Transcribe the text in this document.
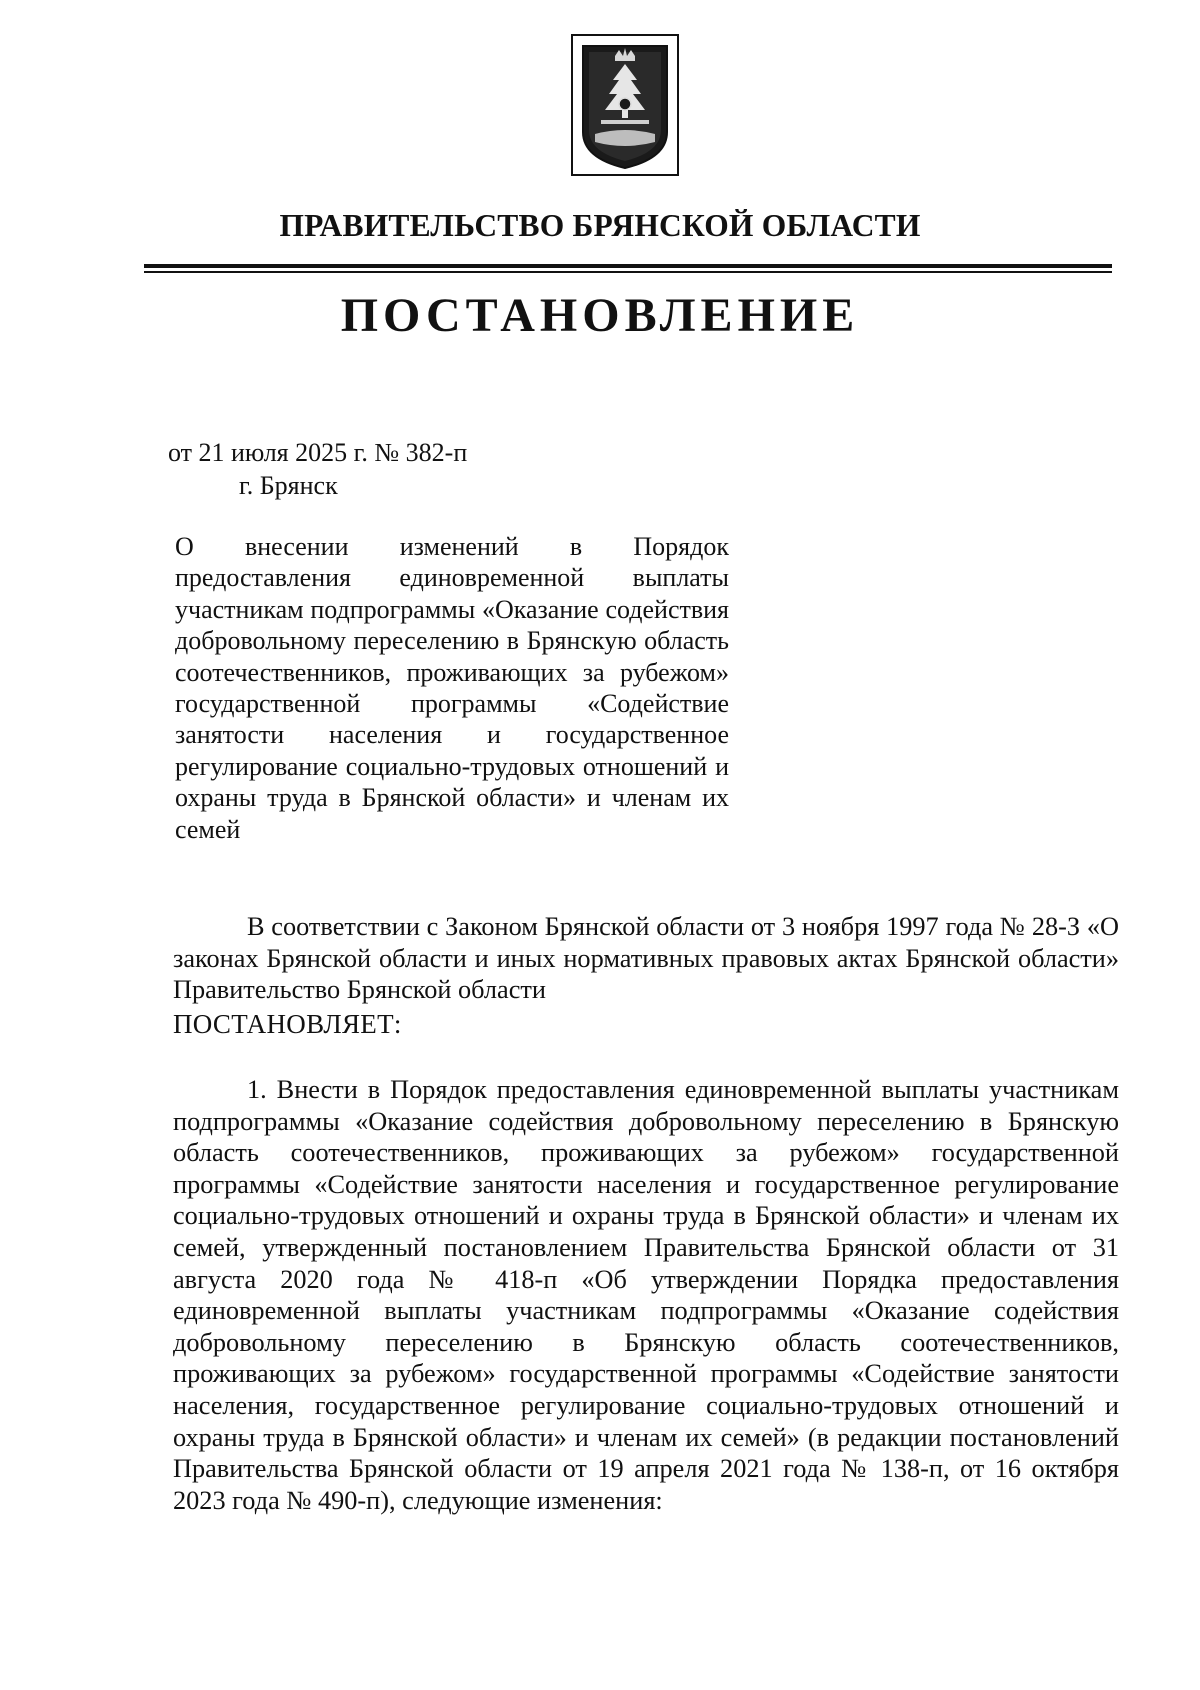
ПРАВИТЕЛЬСТВО БРЯНСКОЙ ОБЛАСТИ
ПОСТАНОВЛЕНИЕ
от 21 июля 2025 г. № 382-п
г. Брянск
О внесении изменений в Порядок предоставления единовременной выплаты участникам подпрограммы «Оказание содействия добровольному переселению в Брянскую область соотечественников, проживающих за рубежом» государственной программы «Содействие занятости населения и государственное регулирование социально-трудовых отношений и охраны труда в Брянской области» и членам их семей
В соответствии с Законом Брянской области от 3 ноября 1997 года № 28-З «О законах Брянской области и иных нормативных правовых актах Брянской области» Правительство Брянской области
ПОСТАНОВЛЯЕТ:
1. Внести в Порядок предоставления единовременной выплаты участникам подпрограммы «Оказание содействия добровольному переселению в Брянскую область соотечественников, проживающих за рубежом» государственной программы «Содействие занятости населения и государственное регулирование социально-трудовых отношений и охраны труда в Брянской области» и членам их семей, утвержденный постановлением Правительства Брянской области от 31 августа 2020 года № 418-п «Об утверждении Порядка предоставления единовременной выплаты участникам подпрограммы «Оказание содействия добровольному переселению в Брянскую область соотечественников, проживающих за рубежом» государственной программы «Содействие занятости населения, государственное регулирование социально-трудовых отношений и охраны труда в Брянской области» и членам их семей» (в редакции постановлений Правительства Брянской области от 19 апреля 2021 года № 138-п, от 16 октября 2023 года № 490-п), следующие изменения:
